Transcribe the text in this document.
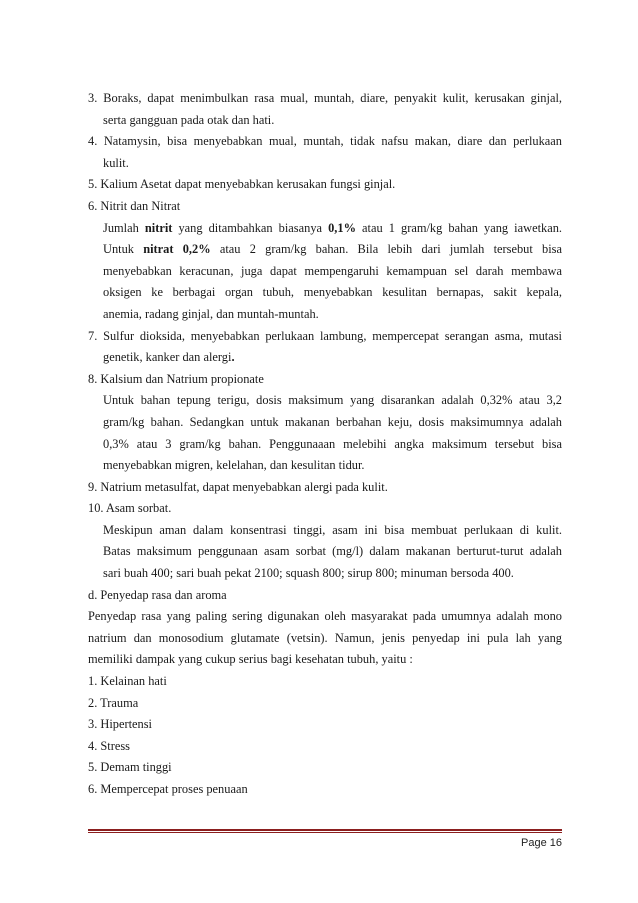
3. Boraks, dapat menimbulkan rasa mual, muntah, diare, penyakit kulit, kerusakan ginjal,
serta gangguan pada otak dan hati.
4. Natamysin, bisa menyebabkan mual, muntah, tidak nafsu makan, diare dan perlukaan
kulit.
5. Kalium Asetat dapat menyebabkan kerusakan fungsi ginjal.
6. Nitrit dan Nitrat
Jumlah nitrit yang ditambahkan biasanya 0,1% atau 1 gram/kg bahan yang iawetkan.
Untuk nitrat 0,2% atau 2 gram/kg bahan. Bila lebih dari jumlah tersebut bisa
menyebabkan keracunan, juga dapat mempengaruhi kemampuan sel darah membawa
oksigen ke berbagai organ tubuh, menyebabkan kesulitan bernapas, sakit kepala,
anemia, radang ginjal, dan muntah-muntah.
7. Sulfur dioksida, menyebabkan perlukaan lambung, mempercepat serangan asma, mutasi
genetik, kanker dan alergi.
8. Kalsium dan Natrium propionate
Untuk bahan tepung terigu, dosis maksimum yang disarankan adalah 0,32% atau 3,2
gram/kg bahan. Sedangkan untuk makanan berbahan keju, dosis maksimumnya adalah
0,3% atau 3 gram/kg bahan. Penggunaaan melebihi angka maksimum tersebut bisa
menyebabkan migren, kelelahan, dan kesulitan tidur.
9. Natrium metasulfat, dapat menyebabkan alergi pada kulit.
10. Asam sorbat.
Meskipun aman dalam konsentrasi tinggi, asam ini bisa membuat perlukaan di kulit.
Batas maksimum penggunaan asam sorbat (mg/l) dalam makanan berturut-turut adalah
sari buah 400; sari buah pekat 2100; squash 800; sirup 800; minuman bersoda 400.
d. Penyedap rasa dan aroma
Penyedap rasa yang paling sering digunakan oleh masyarakat pada umumnya adalah mono
natrium dan monosodium glutamate (vetsin). Namun, jenis penyedap ini pula lah yang
memiliki dampak yang cukup serius bagi kesehatan tubuh, yaitu :
1. Kelainan hati
2. Trauma
3. Hipertensi
4. Stress
5. Demam tinggi
6. Mempercepat proses penuaan
Page 16
